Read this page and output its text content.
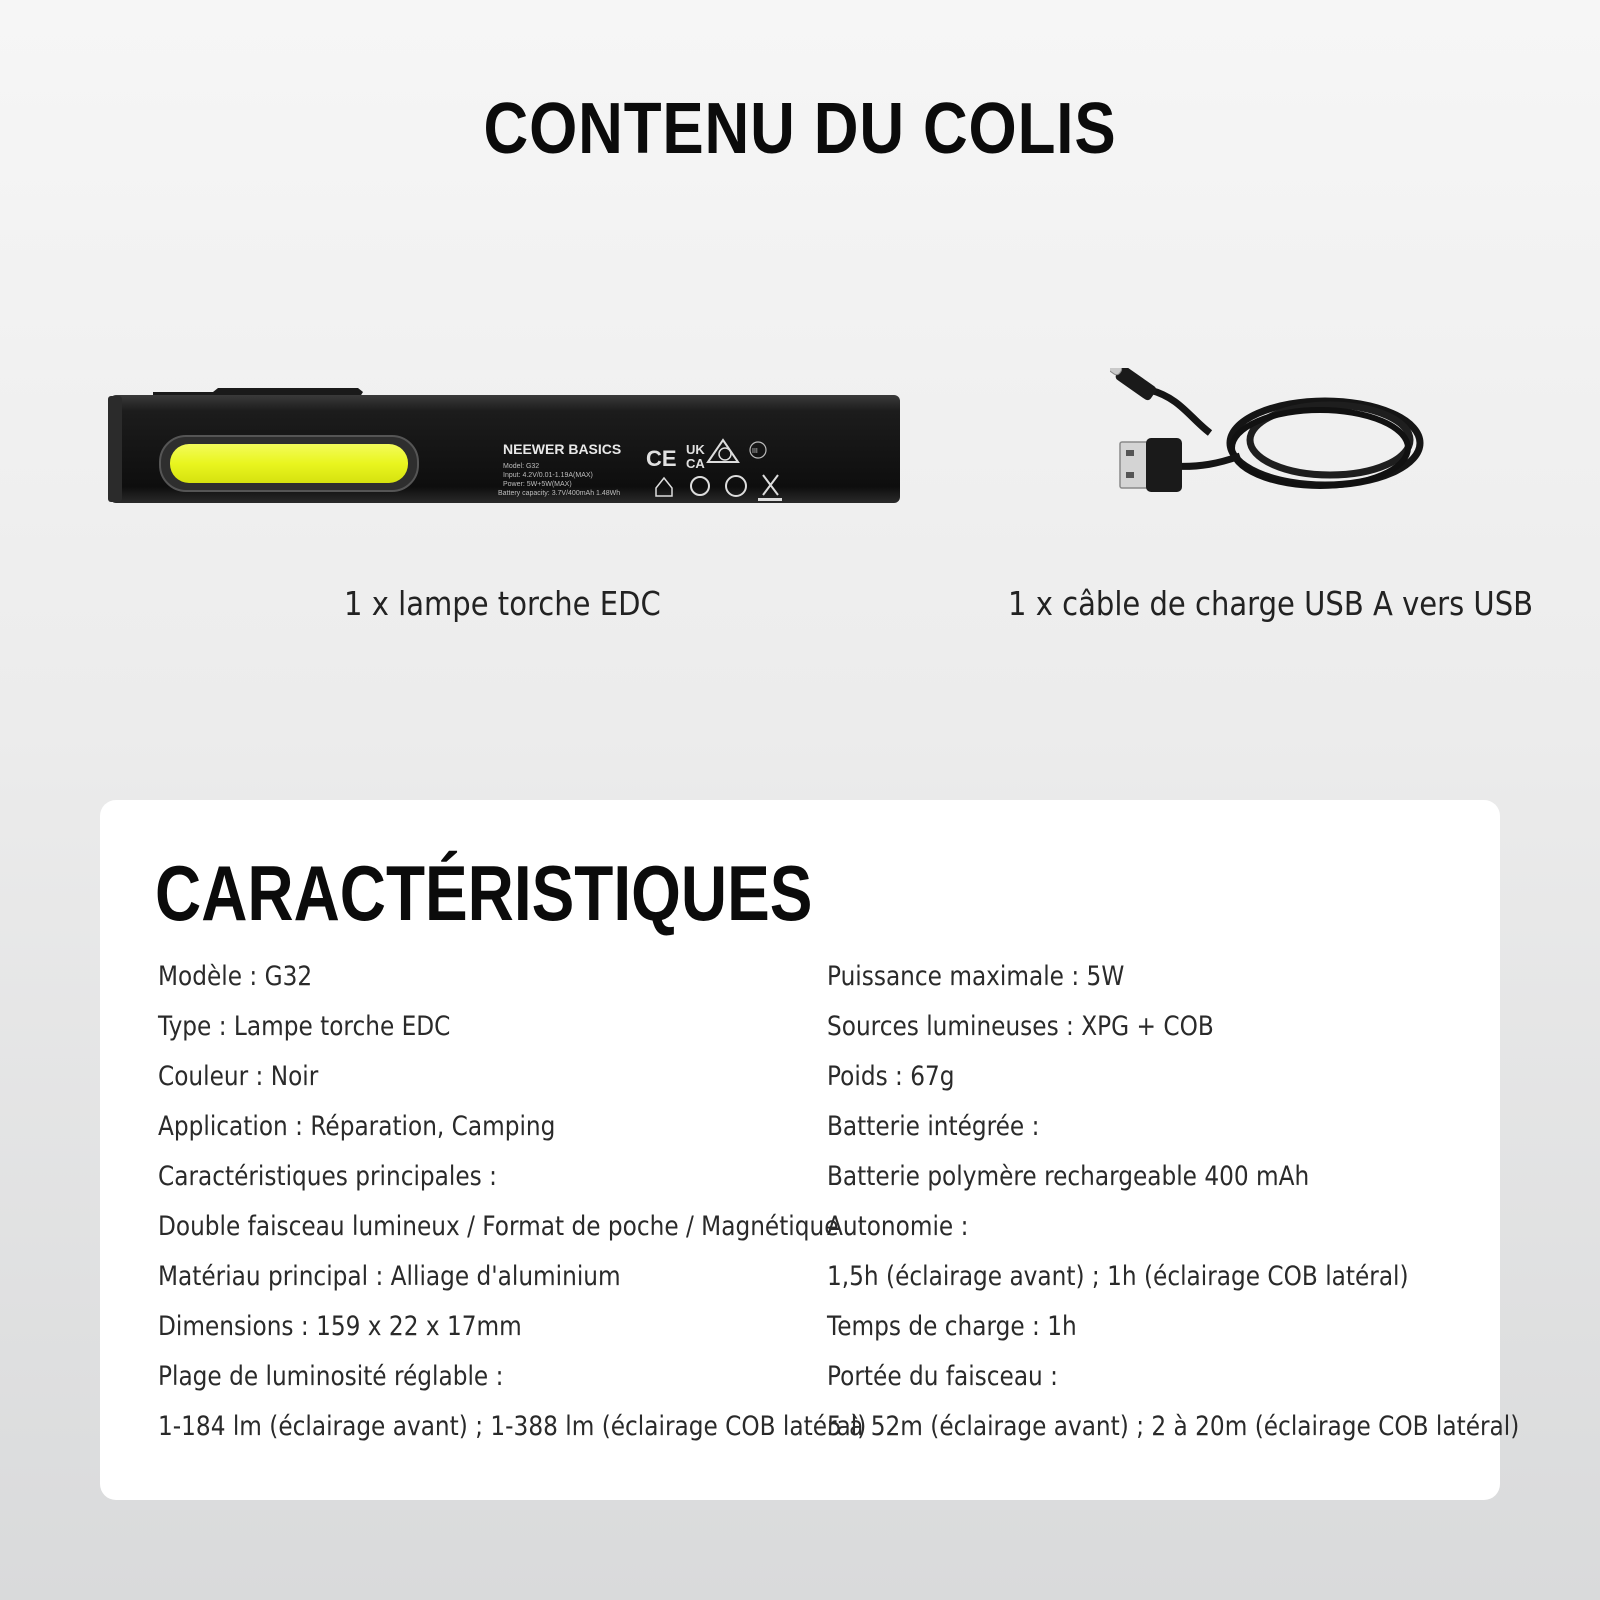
CONTENU DU COLIS
NEEWER BASICS
Model: G32
Input: 4.2V/0.01-1.19A(MAX)
Power: 5W+5W(MAX)
Battery capacity: 3.7V/400mAh 1.48Wh
CE UK
CA
III
1 x lampe torche EDC	1 x câble de charge USB A vers USB
CARACTÉRISTIQUES
Modèle : G32
Type : Lampe torche EDC
Couleur : Noir
Application : Réparation, Camping
Caractéristiques principales :
Double faisceau lumineux / Format de poche / Magnétique
Matériau principal : Alliage d'aluminium
Dimensions : 159 x 22 x 17mm
Plage de luminosité réglable :
1-184 lm (éclairage avant) ; 1-388 lm (éclairage COB latéral)
Puissance maximale : 5W
Sources lumineuses : XPG + COB
Poids : 67g
Batterie intégrée :
Batterie polymère rechargeable 400 mAh
Autonomie :
1,5h (éclairage avant) ; 1h (éclairage COB latéral)
Temps de charge : 1h
Portée du faisceau :
5 à 52m (éclairage avant) ; 2 à 20m (éclairage COB latéral)
